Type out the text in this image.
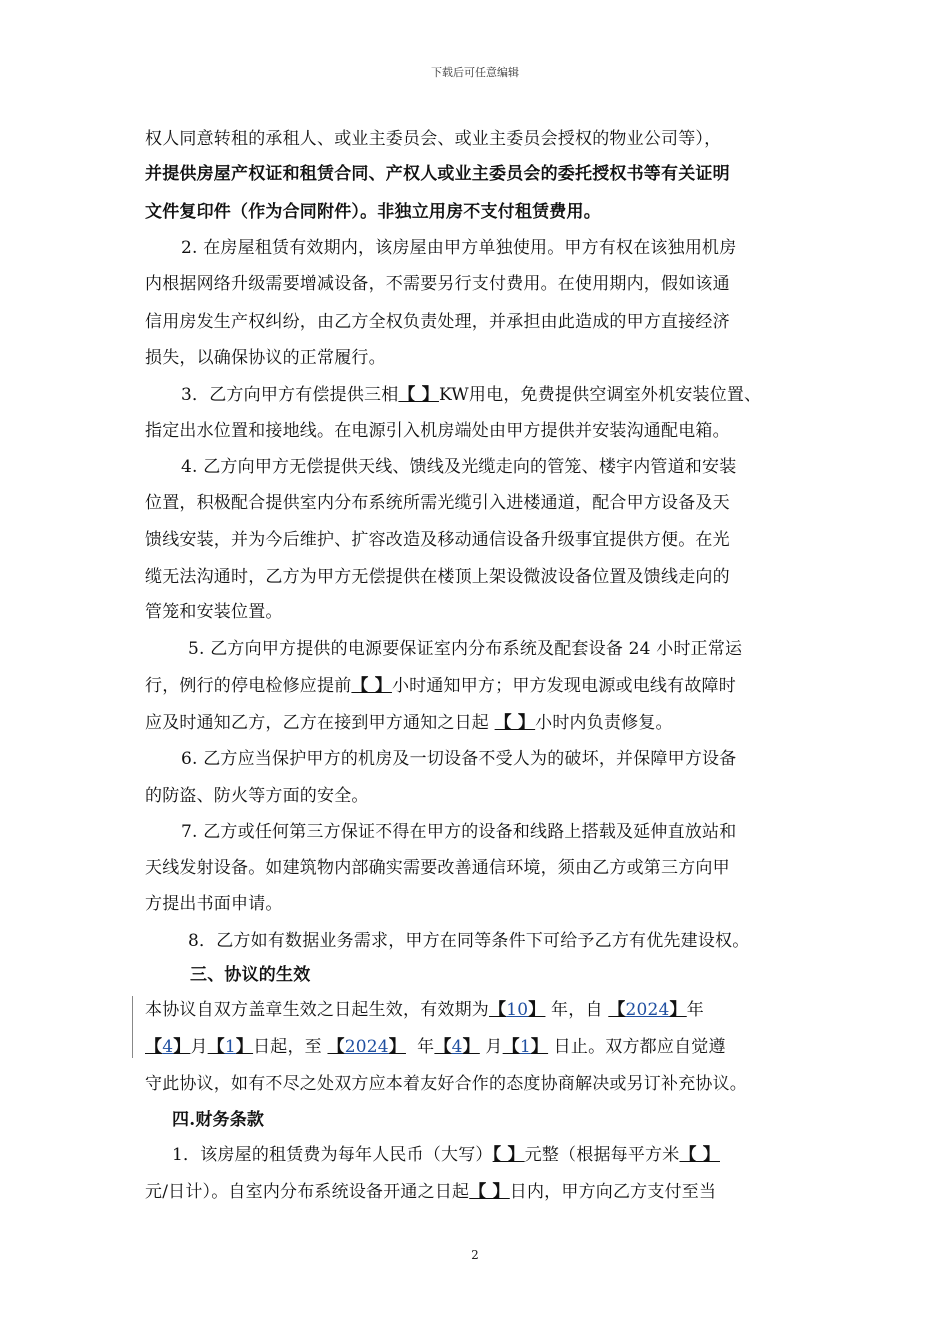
下载后可任意编辑
权人同意转租的承租人、或业主委员会、或业主委员会授权的物业公司等），
并提供房屋产权证和租赁合同、产权人或业主委员会的委托授权书等有关证明
文件复印件（作为合同附件）。非独立用房不支付租赁费用。
2. 在房屋租赁有效期内，该房屋由甲方单独使用。甲方有权在该独用机房
内根据网络升级需要增减设备，不需要另行支付费用。在使用期内，假如该通
信用房发生产权纠纷，由乙方全权负责处理，并承担由此造成的甲方直接经济
损失，以确保协议的正常履行。
3．乙方向甲方有偿提供三相【 】KW用电，免费提供空调室外机安装位置、
指定出水位置和接地线。在电源引入机房端处由甲方提供并安装沟通配电箱。
4. 乙方向甲方无偿提供天线、馈线及光缆走向的管笼、楼宇内管道和安装
位置，积极配合提供室内分布系统所需光缆引入进楼通道，配合甲方设备及天
馈线安装，并为今后维护、扩容改造及移动通信设备升级事宜提供方便。在光
缆无法沟通时，乙方为甲方无偿提供在楼顶上架设微波设备位置及馈线走向的
管笼和安装位置。
5. 乙方向甲方提供的电源要保证室内分布系统及配套设备 24 小时正常运
行，例行的停电检修应提前【 】小时通知甲方；甲方发现电源或电线有故障时
应及时通知乙方，乙方在接到甲方通知之日起 【 】小时内负责修复。
6. 乙方应当保护甲方的机房及一切设备不受人为的破坏，并保障甲方设备
的防盗、防火等方面的安全。
7. 乙方或任何第三方保证不得在甲方的设备和线路上搭载及延伸直放站和
天线发射设备。如建筑物内部确实需要改善通信环境，须由乙方或第三方向甲
方提出书面申请。
8．乙方如有数据业务需求，甲方在同等条件下可给予乙方有优先建设权。
三、协议的生效
本协议自双方盖章生效之日起生效，有效期为【10】 年，自 【2024】年
【4】月【1】日起，至 【2024】  年【4】 月【1】 日止。双方都应自觉遵
守此协议，如有不尽之处双方应本着友好合作的态度协商解决或另订补充协议。
四.财务条款
1．该房屋的租赁费为每年人民币（大写）【 】元整（根据每平方米【 】
元/日计）。自室内分布系统设备开通之日起【 】日内，甲方向乙方支付至当
2
